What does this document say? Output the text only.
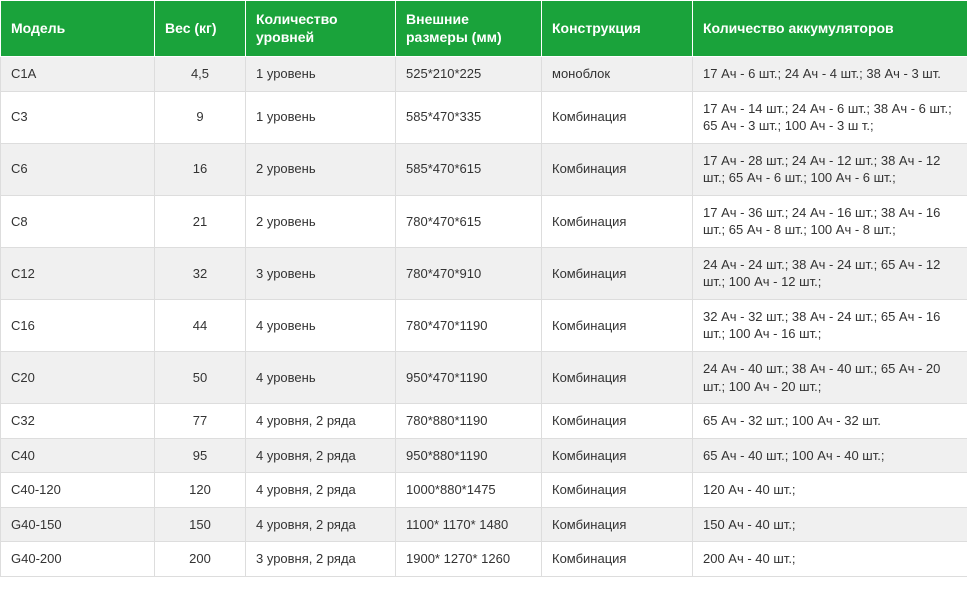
Модель	Вес (кг)	Количество уровней	Внешние размеры (мм)	Конструкция	Количество аккумуляторов
C1A	4,5	1 уровень	525*210*225	моноблок	17 Ач - 6 шт.; 24 Ач - 4 шт.; 38 Ач - 3 шт.
C3	9	1 уровень	585*470*335	Комбинация	17 Ач - 14 шт.; 24 Ач - 6 шт.; 38 Ач - 6 шт.; 65 Ач - 3 шт.; 100 Ач - 3 ш т.;
C6	16	2 уровень	585*470*615	Комбинация	17 Ач - 28 шт.; 24 Ач - 12 шт.; 38 Ач - 12 шт.; 65 Ач - 6 шт.; 100 Ач - 6 шт.;
C8	21	2 уровень	780*470*615	Комбинация	17 Ач - 36 шт.; 24 Ач - 16 шт.; 38 Ач - 16 шт.; 65 Ач - 8 шт.; 100 Ач - 8 шт.;
C12	32	3 уровень	780*470*910	Комбинация	24 Ач - 24 шт.; 38 Ач - 24 шт.; 65 Ач - 12 шт.; 100 Ач - 12 шт.;
C16	44	4 уровень	780*470*1190	Комбинация	32 Ач - 32 шт.; 38 Ач - 24 шт.; 65 Ач - 16 шт.; 100 Ач - 16 шт.;
C20	50	4 уровень	950*470*1190	Комбинация	24 Ач - 40 шт.; 38 Ач - 40 шт.; 65 Ач - 20 шт.; 100 Ач - 20 шт.;
C32	77	4 уровня, 2 ряда	780*880*1190	Комбинация	65 Ач - 32 шт.; 100 Ач - 32 шт.
C40	95	4 уровня, 2 ряда	950*880*1190	Комбинация	65 Ач - 40 шт.; 100 Ач - 40 шт.;
C40-120	120	4 уровня, 2 ряда	1000*880*1475	Комбинация	120 Ач - 40 шт.;
G40-150	150	4 уровня, 2 ряда	1100* 1170* 1480	Комбинация	150 Ач - 40 шт.;
G40-200	200	3 уровня, 2 ряда	1900* 1270* 1260	Комбинация	200 Ач - 40 шт.;
